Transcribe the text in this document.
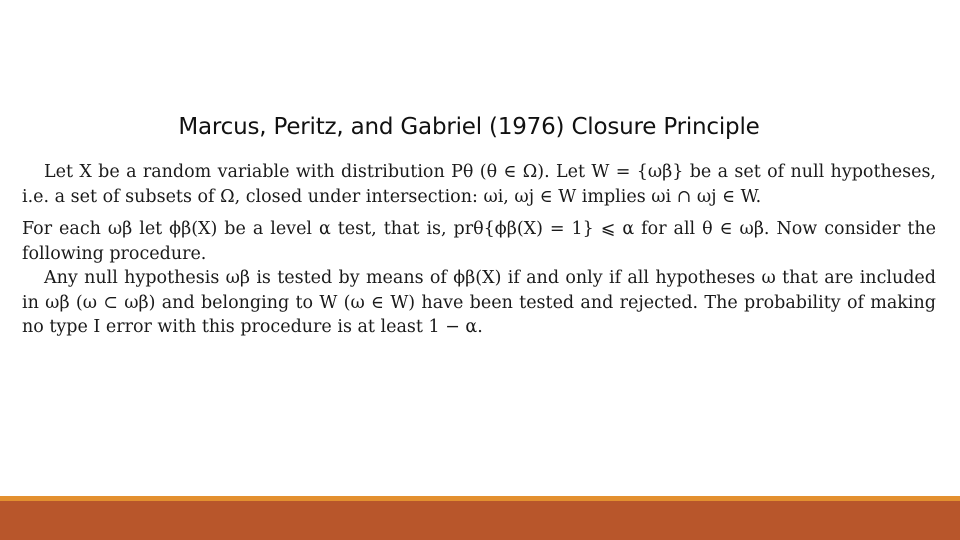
Marcus, Peritz, and Gabriel (1976) Closure Principle

Let X be a random variable with distribution Pθ (θ ∈ Ω). Let W = {ωβ} be a set of null hypotheses, i.e. a set of subsets of Ω, closed under intersection: ωi, ωj ∈ W implies ωi ∩ ωj ∈ W.

For each ωβ let ϕβ(X) be a level α test, that is, prθ{ϕβ(X) = 1} ⩽ α for all θ ∈ ωβ. Now consider the following procedure.

Any null hypothesis ωβ is tested by means of ϕβ(X) if and only if all hypotheses ω that are included in ωβ (ω ⊂ ωβ) and belonging to W (ω ∈ W) have been tested and rejected. The probability of making no type I error with this procedure is at least 1 − α.
